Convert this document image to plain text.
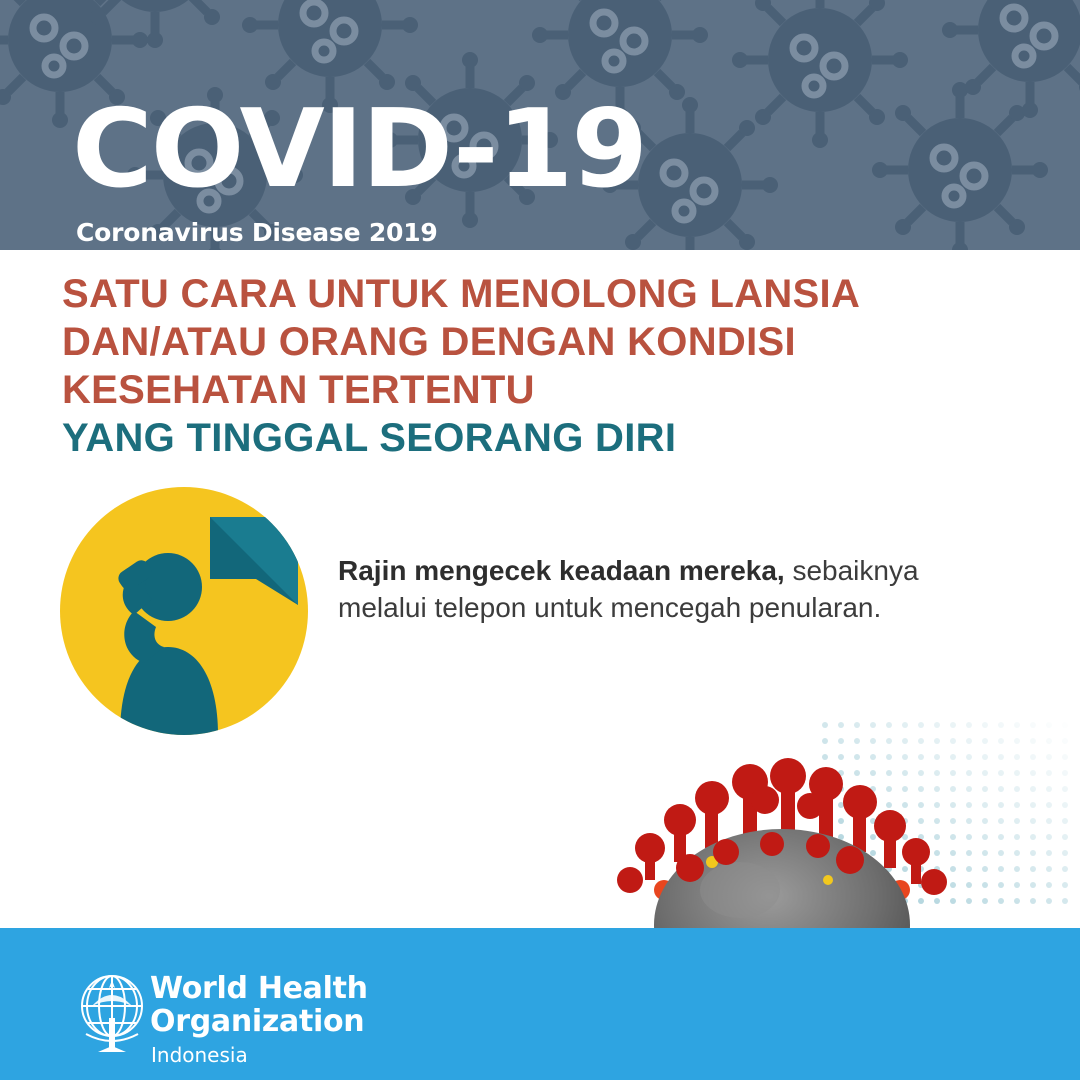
COVID-19
Coronavirus Disease 2019
SATU CARA UNTUK MENOLONG LANSIA
DAN/ATAU ORANG DENGAN KONDISI
KESEHATAN TERTENTU
YANG TINGGAL SEORANG DIRI
Rajin mengecek keadaan mereka, sebaiknya melalui telepon untuk mencegah penularan.
World Health
Organization
Indonesia
